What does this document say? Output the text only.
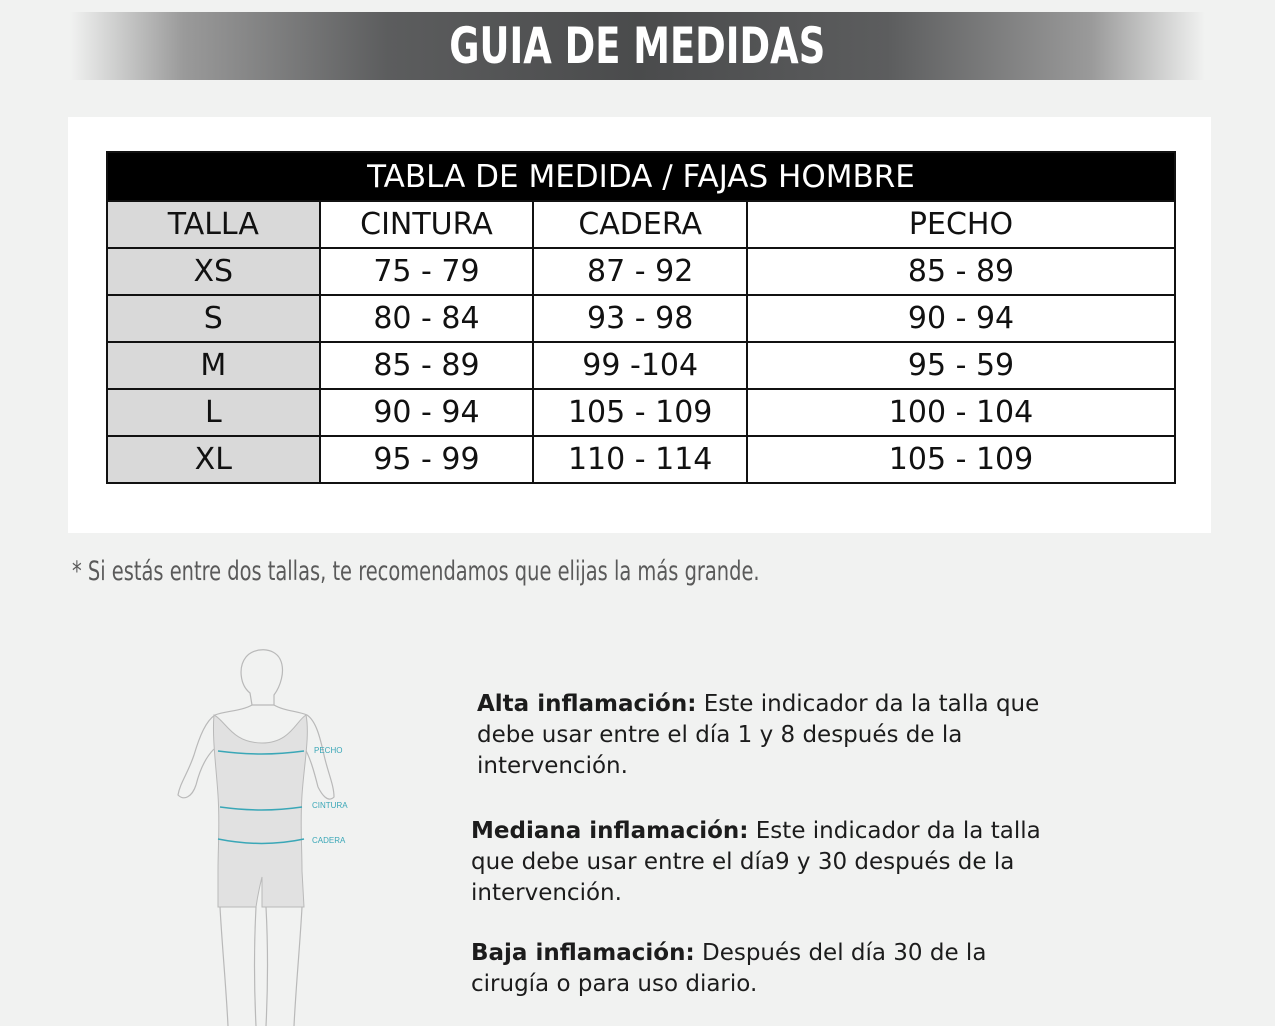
GUIA DE MEDIDAS
TABLA DE MEDIDA / FAJAS HOMBRE			
TALLA	CINTURA	CADERA	PECHO
XS	75 - 79	87 - 92	85 - 89
S	80 - 84	93 - 98	90 - 94
M	85 - 89	99 -104	95 - 59
L	90 - 94	105 - 109	100 - 104
XL	95 - 99	110 - 114	105 - 109
* Si estás entre dos tallas, te recomendamos que elijas la más grande.
PECHO
CINTURA
CADERA
Alta inflamación: Este indicador da la talla que debe usar entre el día 1 y 8 después de la intervención.
Mediana inflamación: Este indicador da la talla que debe usar entre el día9 y 30 después de la intervención.
Baja inflamación: Después del día 30 de la cirugía o para uso diario.
